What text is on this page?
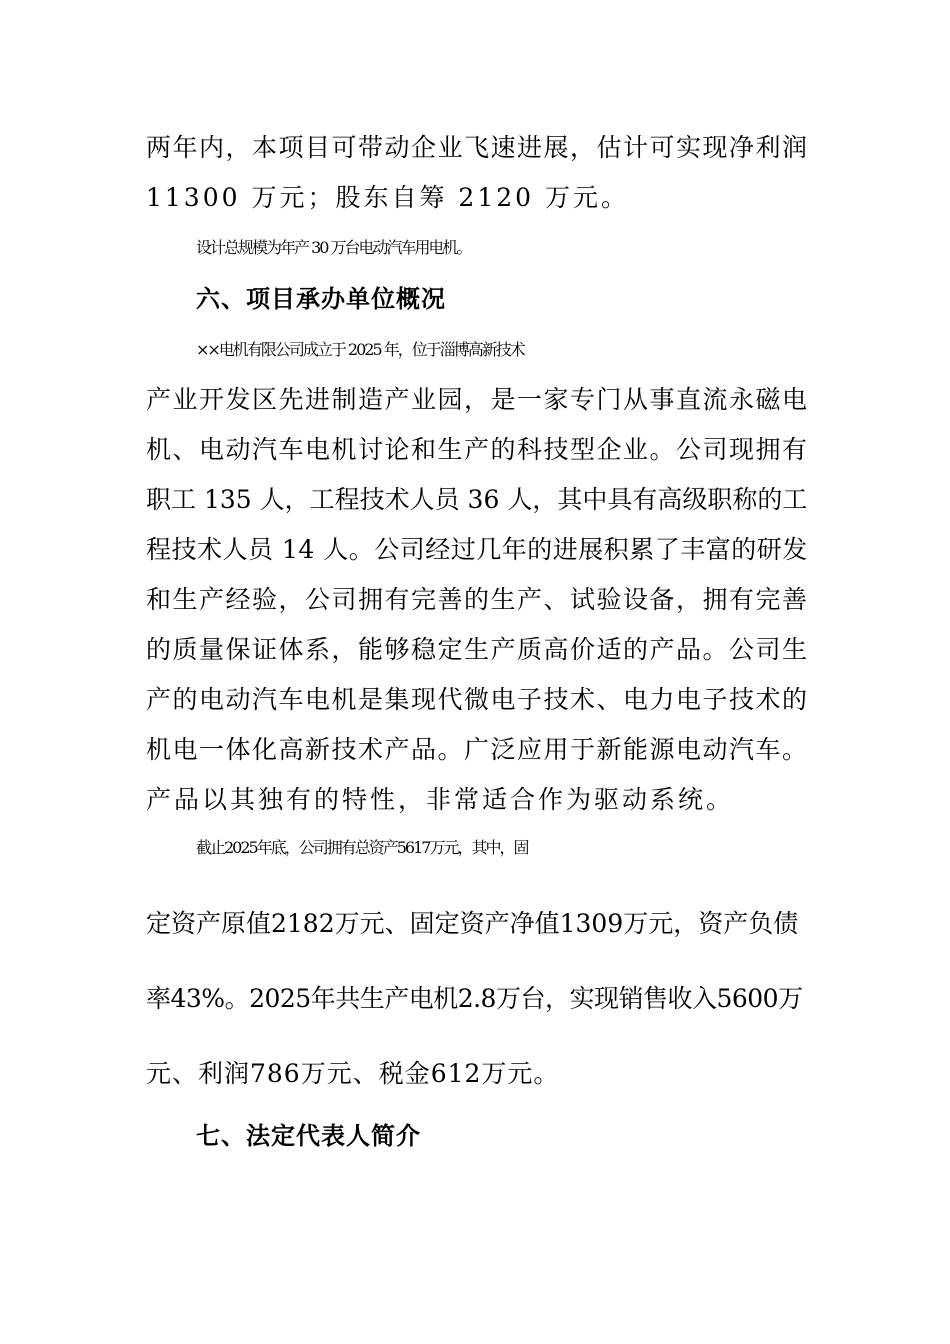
两年内，本项目可带动企业飞速进展，估计可实现净利润
11300 万元；股东自筹 2120 万元。
设计总规模为年产 30 万台电动汽车用电机。
六、项目承办单位概况
××电机有限公司成立于 2025 年，位于淄博高新技术
产业开发区先进制造产业园，是一家专门从事直流永磁电
机、电动汽车电机讨论和生产的科技型企业。公司现拥有
职工 135 人，工程技术人员 36 人，其中具有高级职称的工
程技术人员 14 人。公司经过几年的进展积累了丰富的研发
和生产经验，公司拥有完善的生产、试验设备，拥有完善
的质量保证体系，能够稳定生产质高价适的产品。公司生
产的电动汽车电机是集现代微电子技术、电力电子技术的
机电一体化高新技术产品。广泛应用于新能源电动汽车。
产品以其独有的特性，非常适合作为驱动系统。
截止2025年底，公司拥有总资产5617万元，其中，固
定资产原值2182万元、固定资产净值1309万元，资产负债
率43%。2025年共生产电机2.8万台，实现销售收入5600万
元、利润786万元、税金612万元。
七、法定代表人简介
